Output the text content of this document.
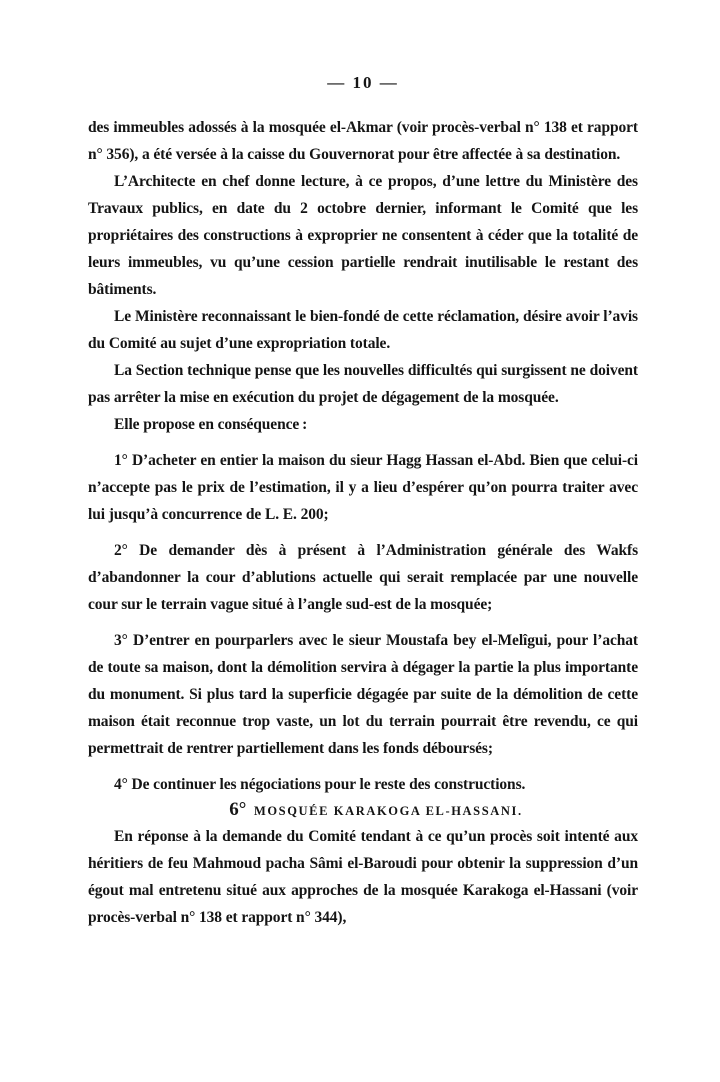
— 10 —

des immeubles adossés à la mosquée el-Akmar (voir procès-verbal n° 138 et rapport n° 356), a été versée à la caisse du Gouvernorat pour être affectée à sa destination.

L’Architecte en chef donne lecture, à ce propos, d’une lettre du Ministère des Travaux publics, en date du 2 octobre dernier, informant le Comité que les propriétaires des constructions à exproprier ne consentent à céder que la totalité de leurs immeubles, vu qu’une cession partielle rendrait inutilisable le restant des bâtiments.

Le Ministère reconnaissant le bien-fondé de cette réclamation, désire avoir l’avis du Comité au sujet d’une expropriation totale.

La Section technique pense que les nouvelles difficultés qui surgissent ne doivent pas arrêter la mise en exécution du projet de dégagement de la mosquée.

Elle propose en conséquence :

1° D’acheter en entier la maison du sieur Hagg Hassan el-Abd. Bien que celui-ci n’accepte pas le prix de l’estimation, il y a lieu d’espérer qu’on pourra traiter avec lui jusqu’à concurrence de L. E. 200;

2° De demander dès à présent à l’Administration générale des Wakfs d’abandonner la cour d’ablutions actuelle qui serait remplacée par une nouvelle cour sur le terrain vague situé à l’angle sud-est de la mosquée;

3° D’entrer en pourparlers avec le sieur Moustafa bey el-Melîgui, pour l’achat de toute sa maison, dont la démolition servira à dégager la partie la plus importante du monument. Si plus tard la superficie dégagée par suite de la démolition de cette maison était reconnue trop vaste, un lot du terrain pourrait être revendu, ce qui permettrait de rentrer partiellement dans les fonds déboursés;

4° De continuer les négociations pour le reste des constructions.

6° MOSQUÉE KARAKOGA EL-HASSANI.

En réponse à la demande du Comité tendant à ce qu’un procès soit intenté aux héritiers de feu Mahmoud pacha Sâmi el-Baroudi pour obtenir la suppression d’un égout mal entretenu situé aux approches de la mosquée Karakoga el-Hassani (voir procès-verbal n° 138 et rapport n° 344),
